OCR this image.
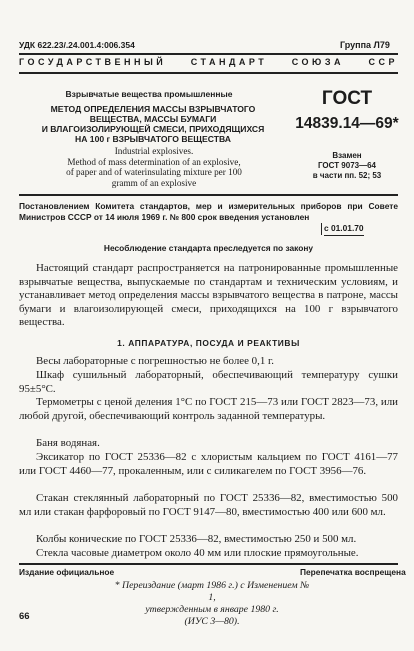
УДК 622.23/.24.001.4:006.354	Группа Л79
ГОСУДАРСТВЕННЫЙ СТАНДАРТ СОЮЗА ССР
Взрывчатые вещества промышленные
МЕТОД ОПРЕДЕЛЕНИЯ МАССЫ ВЗРЫВЧАТОГО
ВЕЩЕСТВА, МАССЫ БУМАГИ
И ВЛАГОИЗОЛИРУЮЩЕЙ СМЕСИ, ПРИХОДЯЩИХСЯ
НА 100 г ВЗРЫВЧАТОГО ВЕЩЕСТВА
Industrial explosives.
Method of mass determination of an explosive,
of paper and of waterinsulating mixture per 100
gramm of an explosive
ГОСТ
14839.14—69*
Взамен
ГОСТ 9073—64
в части пп. 52; 53
Постановлением Комитета стандартов, мер и измерительных приборов при Совете Министров СССР от 14 июля 1969 г. № 800 срок введения установлен
с 01.01.70
Несоблюдение стандарта преследуется по закону
Настоящий стандарт распространяется на патронированные промышленные взрывчатые вещества, выпускаемые по стандартам и техническим условиям, и устанавливает метод определения массы взрывчатого вещества в патроне, массы бумаги и влагоизолирующей смеси, приходящихся на 100 г взрывчатого вещества.
1. АППАРАТУРА, ПОСУДА И РЕАКТИВЫ
Весы лабораторные с погрешностью не более 0,1 г.
Шкаф сушильный лабораторный, обеспечивающий температуру сушки 95±5°С.
Термометры с ценой деления 1°С по ГОСТ 215—73 или ГОСТ 2823—73, или любой другой, обеспечивающий контроль заданной температуры.
Баня водяная.
Эксикатор по ГОСТ 25336—82 с хлористым кальцием по ГОСТ 4161—77 или ГОСТ 4460—77, прокаленным, или с силикагелем по ГОСТ 3956—76.
Стакан стеклянный лабораторный по ГОСТ 25336—82, вместимостью 500 мл или стакан фарфоровый по ГОСТ 9147—80, вместимостью 400 или 600 мл.
Колбы конические по ГОСТ 25336—82, вместимостью 250 и 500 мл.
Стекла часовые диаметром около 40 мм или плоские прямоугольные.
Издание официальное	Перепечатка воспрещена
* Переиздание (март 1986 г.) с Изменением № 1,
утвержденным в январе 1980 г.
(ИУС 3—80).
66
